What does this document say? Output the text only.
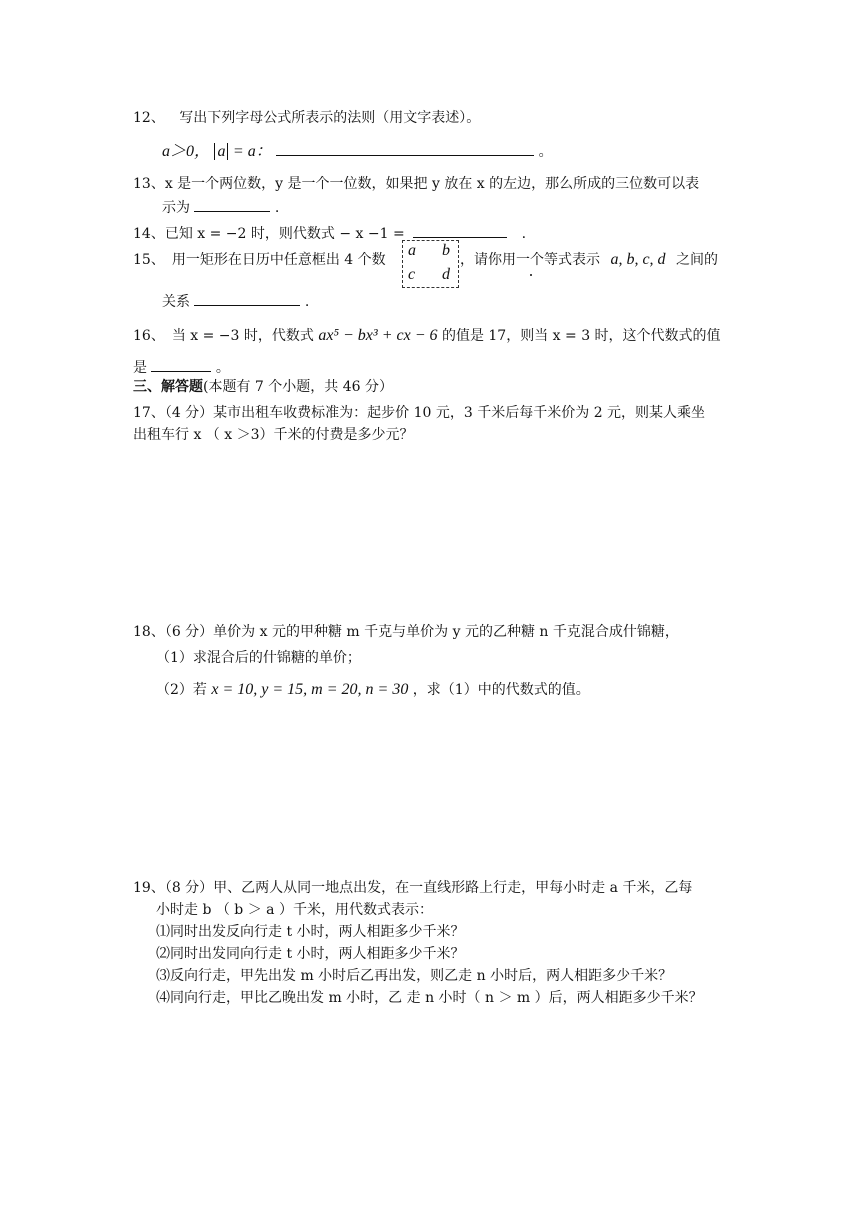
12、 写出下列字母公式所表示的法则（用文字表述）。
a＞0， a = a：	。
13、x 是一个两位数，y 是一个一位数，如果把 y 放在 x 的左边，那么所成的三位数可以表
示为	.
14、已知 x = −2 时，则代数式 − x −1 =	.
15、　用一矩形在日历中任意框出 4 个数
a b
c d
，请你用一个等式表示 a, b, c, d 之间的
关系	.
16、　当 x = −3 时，代数式 ax⁵ − bx³ + cx − 6 的值是 17，则当 x = 3 时，这个代数式的值
是	。
三、解答题(本题有 7 个小题，共 46 分）
17、（4 分）某市出租车收费标准为：起步价 10 元，3 千米后每千米价为 2 元，则某人乘坐
出租车行 x （ x ＞3）千米的付费是多少元？
18、（6 分）单价为 x 元的甲种糖 m 千克与单价为 y 元的乙种糖 n 千克混合成什锦糖，
（1）求混合后的什锦糖的单价；
（2）若 x = 10, y = 15, m = 20, n = 30 ，求（1）中的代数式的值。
19、（8 分）甲、乙两人从同一地点出发，在一直线形路上行走，甲每小时走 a 千米，乙每
小时走 b （ b ＞ a ）千米，用代数式表示：
⑴同时出发反向行走 t 小时，两人相距多少千米？
⑵同时出发同向行走 t 小时，两人相距多少千米？
⑶反向行走，甲先出发 m 小时后乙再出发，则乙走 n 小时后，两人相距多少千米？
⑷同向行走，甲比乙晚出发 m 小时，乙 走 n 小时（ n ＞ m ）后，两人相距多少千米？
